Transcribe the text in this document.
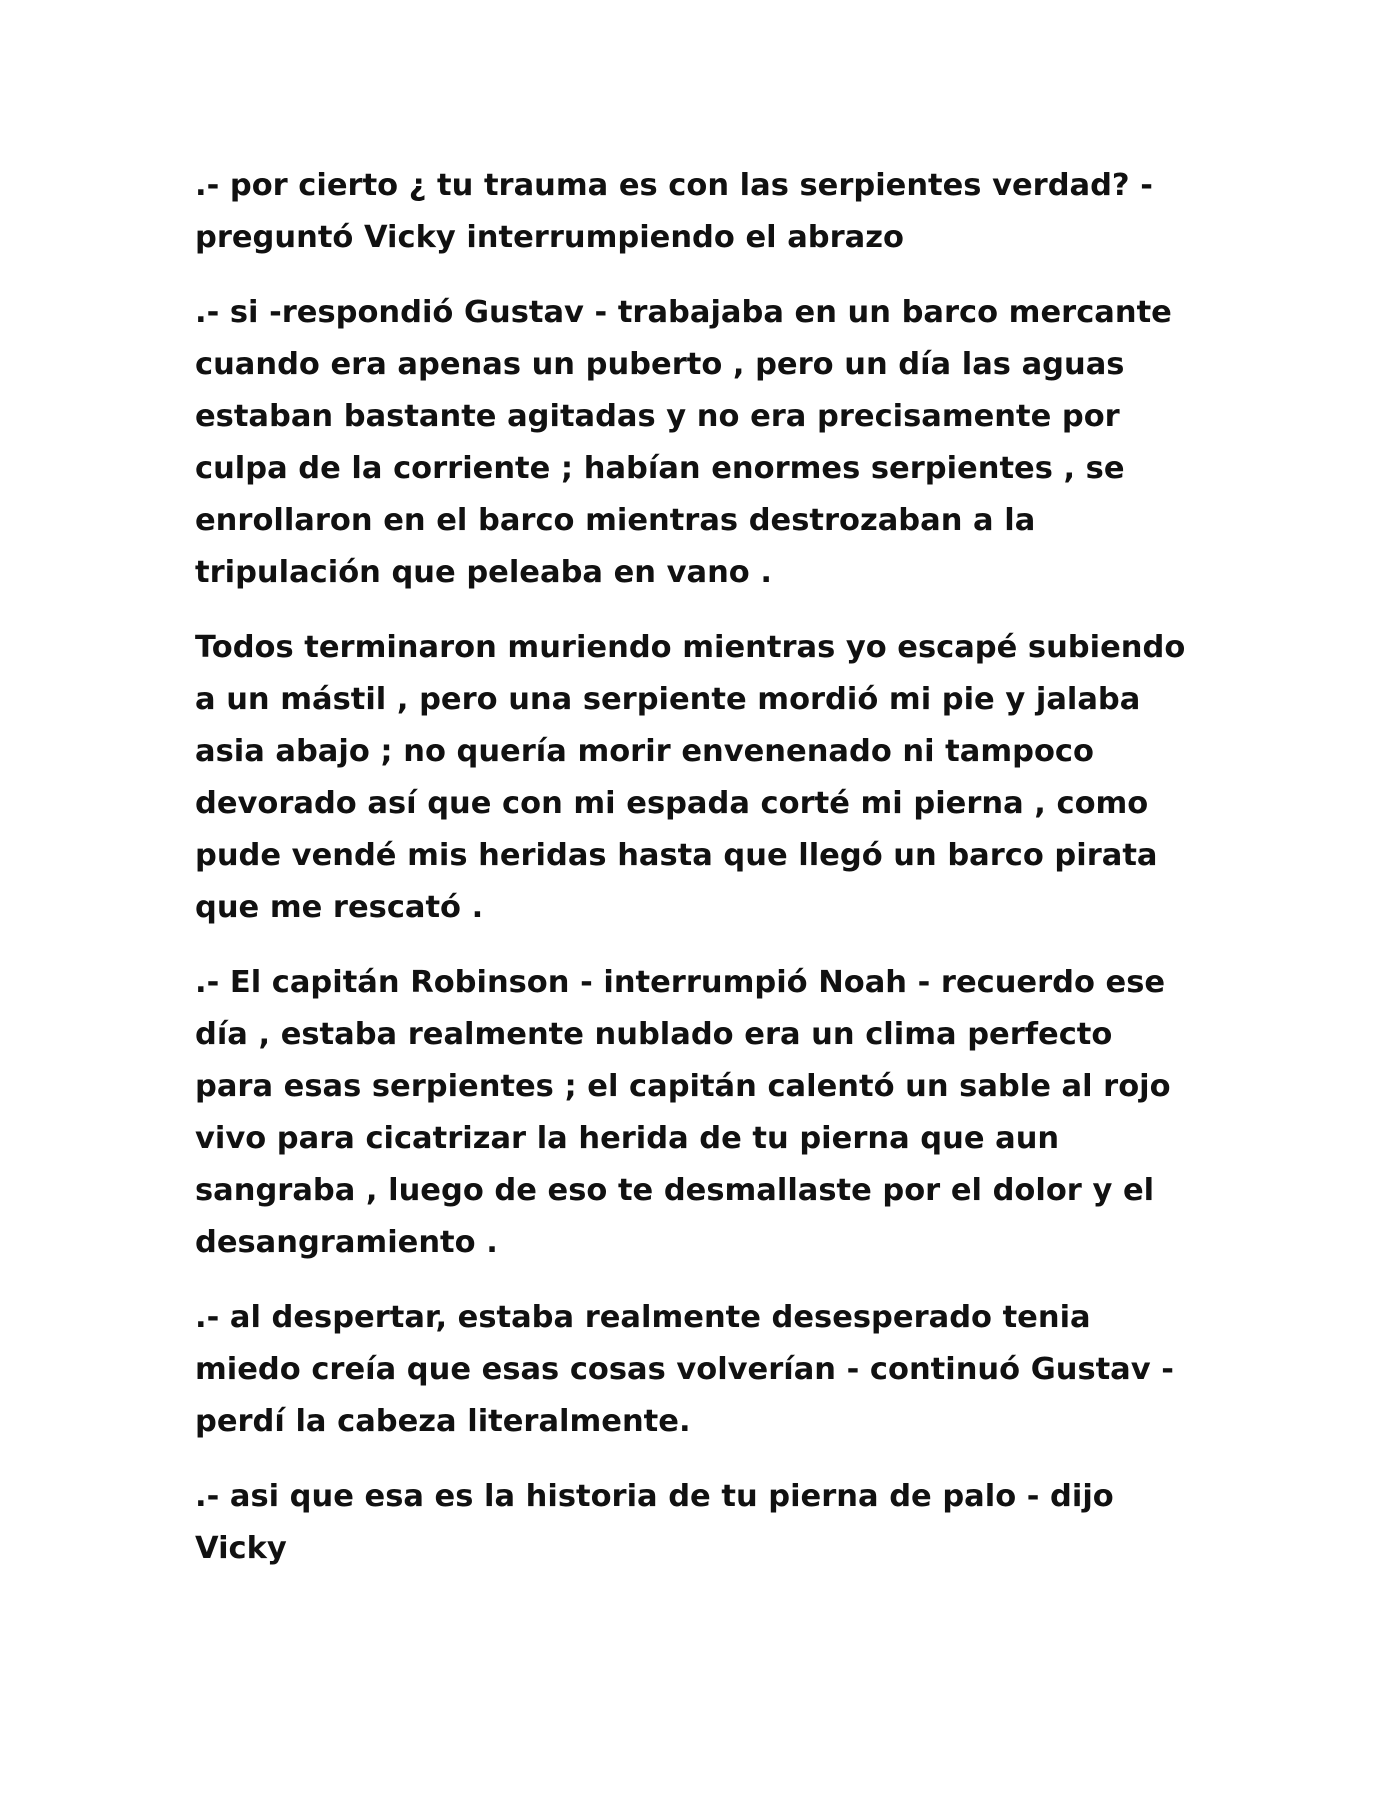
.- por cierto ¿ tu trauma es con las serpientes verdad? -
preguntó Vicky interrumpiendo el abrazo

.- si -respondió Gustav - trabajaba en un barco mercante
cuando era apenas un puberto , pero un día las aguas
estaban bastante agitadas y no era precisamente por
culpa de la corriente ; habían enormes serpientes , se
enrollaron en el barco mientras destrozaban a la
tripulación que peleaba en vano .

Todos terminaron muriendo mientras yo escapé subiendo
a un mástil , pero una serpiente mordió mi pie y jalaba
asia abajo ; no quería morir envenenado ni tampoco
devorado así que con mi espada corté mi pierna , como
pude vendé mis heridas hasta que llegó un barco pirata
que me rescató .

.- El capitán Robinson - interrumpió Noah - recuerdo ese
día , estaba realmente nublado era un clima perfecto
para esas serpientes ; el capitán calentó un sable al rojo
vivo para cicatrizar la herida de tu pierna que aun
sangraba , luego de eso te desmallaste por el dolor y el
desangramiento .

.- al despertar, estaba realmente desesperado tenia
miedo creía que esas cosas volverían - continuó Gustav -
perdí la cabeza literalmente.

.- asi que esa es la historia de tu pierna de palo - dijo
Vicky
